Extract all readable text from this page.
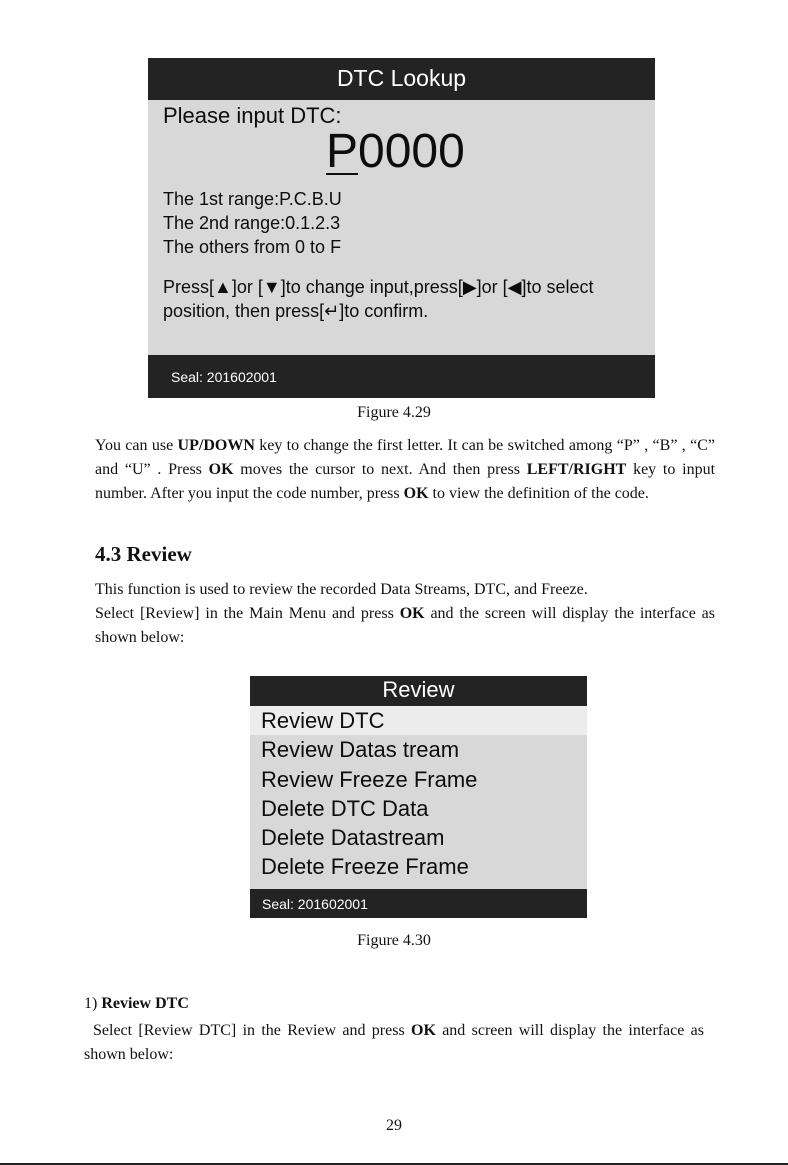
DTC Lookup
Please input DTC:
P0000
The 1st range:P.C.B.U
The 2nd range:0.1.2.3
The others from 0 to F
Press[▲]or [▼]to change input,press[▶]or [◀]to select position, then press[↵]to confirm.
Seal: 201602001
Figure 4.29

You can use UP/DOWN key to change the first letter. It can be switched among “P” , “B” , “C” and “U” . Press OK moves the cursor to next. And then press LEFT/RIGHT key to input number. After you input the code number, press OK to view the definition of the code.

4.3 Review

This function is used to review the recorded Data Streams, DTC, and Freeze.
Select [Review] in the Main Menu and press OK and the screen will display the interface as shown below:

Review
Review DTC
Review Datas tream
Review Freeze Frame
Delete DTC Data
Delete Datastream
Delete Freeze Frame
Seal: 201602001
Figure 4.30

1) Review DTC

Select [Review DTC] in the Review and press OK and screen will display the interface as shown below:

29
